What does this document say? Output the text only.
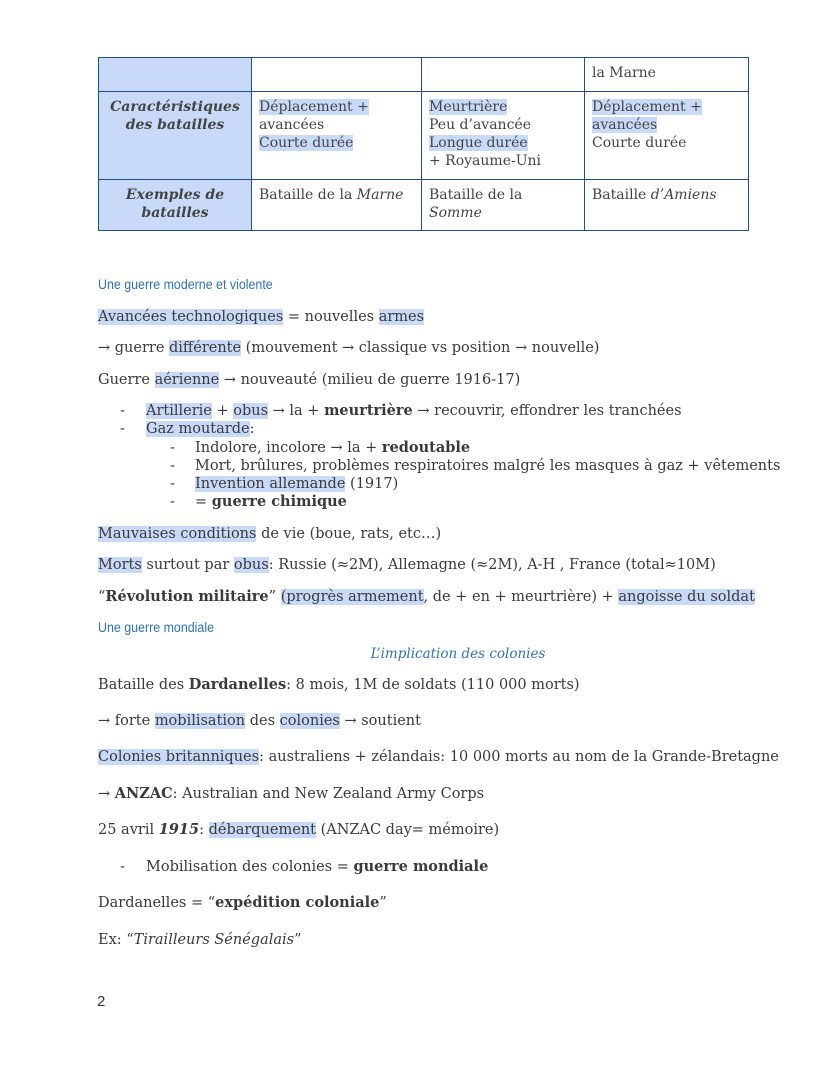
			la Marne
Caractéristiques des batailles	Déplacement +
avancées
Courte durée	Meurtrière
Peu d’avancée
Longue durée
+ Royaume-Uni	Déplacement +
avancées
Courte durée
Exemples de batailles	Bataille de la Marne	Bataille de la Somme	Bataille d’Amiens
Une guerre moderne et violente
Avancées technologiques = nouvelles armes
→ guerre différente (mouvement → classique vs position → nouvelle)
Guerre aérienne → nouveauté (milieu de guerre 1916-17)
- Artillerie + obus → la + meurtrière → recouvrir, effondrer les tranchées
- Gaz moutarde:
- Indolore, incolore → la + redoutable
- Mort, brûlures, problèmes respiratoires malgré les masques à gaz + vêtements
- Invention allemande (1917)
- = guerre chimique
Mauvaises conditions de vie (boue, rats, etc…)
Morts surtout par obus: Russie (≈2M), Allemagne (≈2M), A-H , France (total≈10M)
“Révolution militaire” (progrès armement, de + en + meurtrière) + angoisse du soldat
Une guerre mondiale
L’implication des colonies
Bataille des Dardanelles: 8 mois, 1M de soldats (110 000 morts)
→ forte mobilisation des colonies → soutient
Colonies britanniques: australiens + zélandais: 10 000 morts au nom de la Grande-Bretagne
→ ANZAC: Australian and New Zealand Army Corps
25 avril 1915: débarquement (ANZAC day= mémoire)
- Mobilisation des colonies = guerre mondiale
Dardanelles = “expédition coloniale”
Ex: “Tirailleurs Sénégalais”
2
